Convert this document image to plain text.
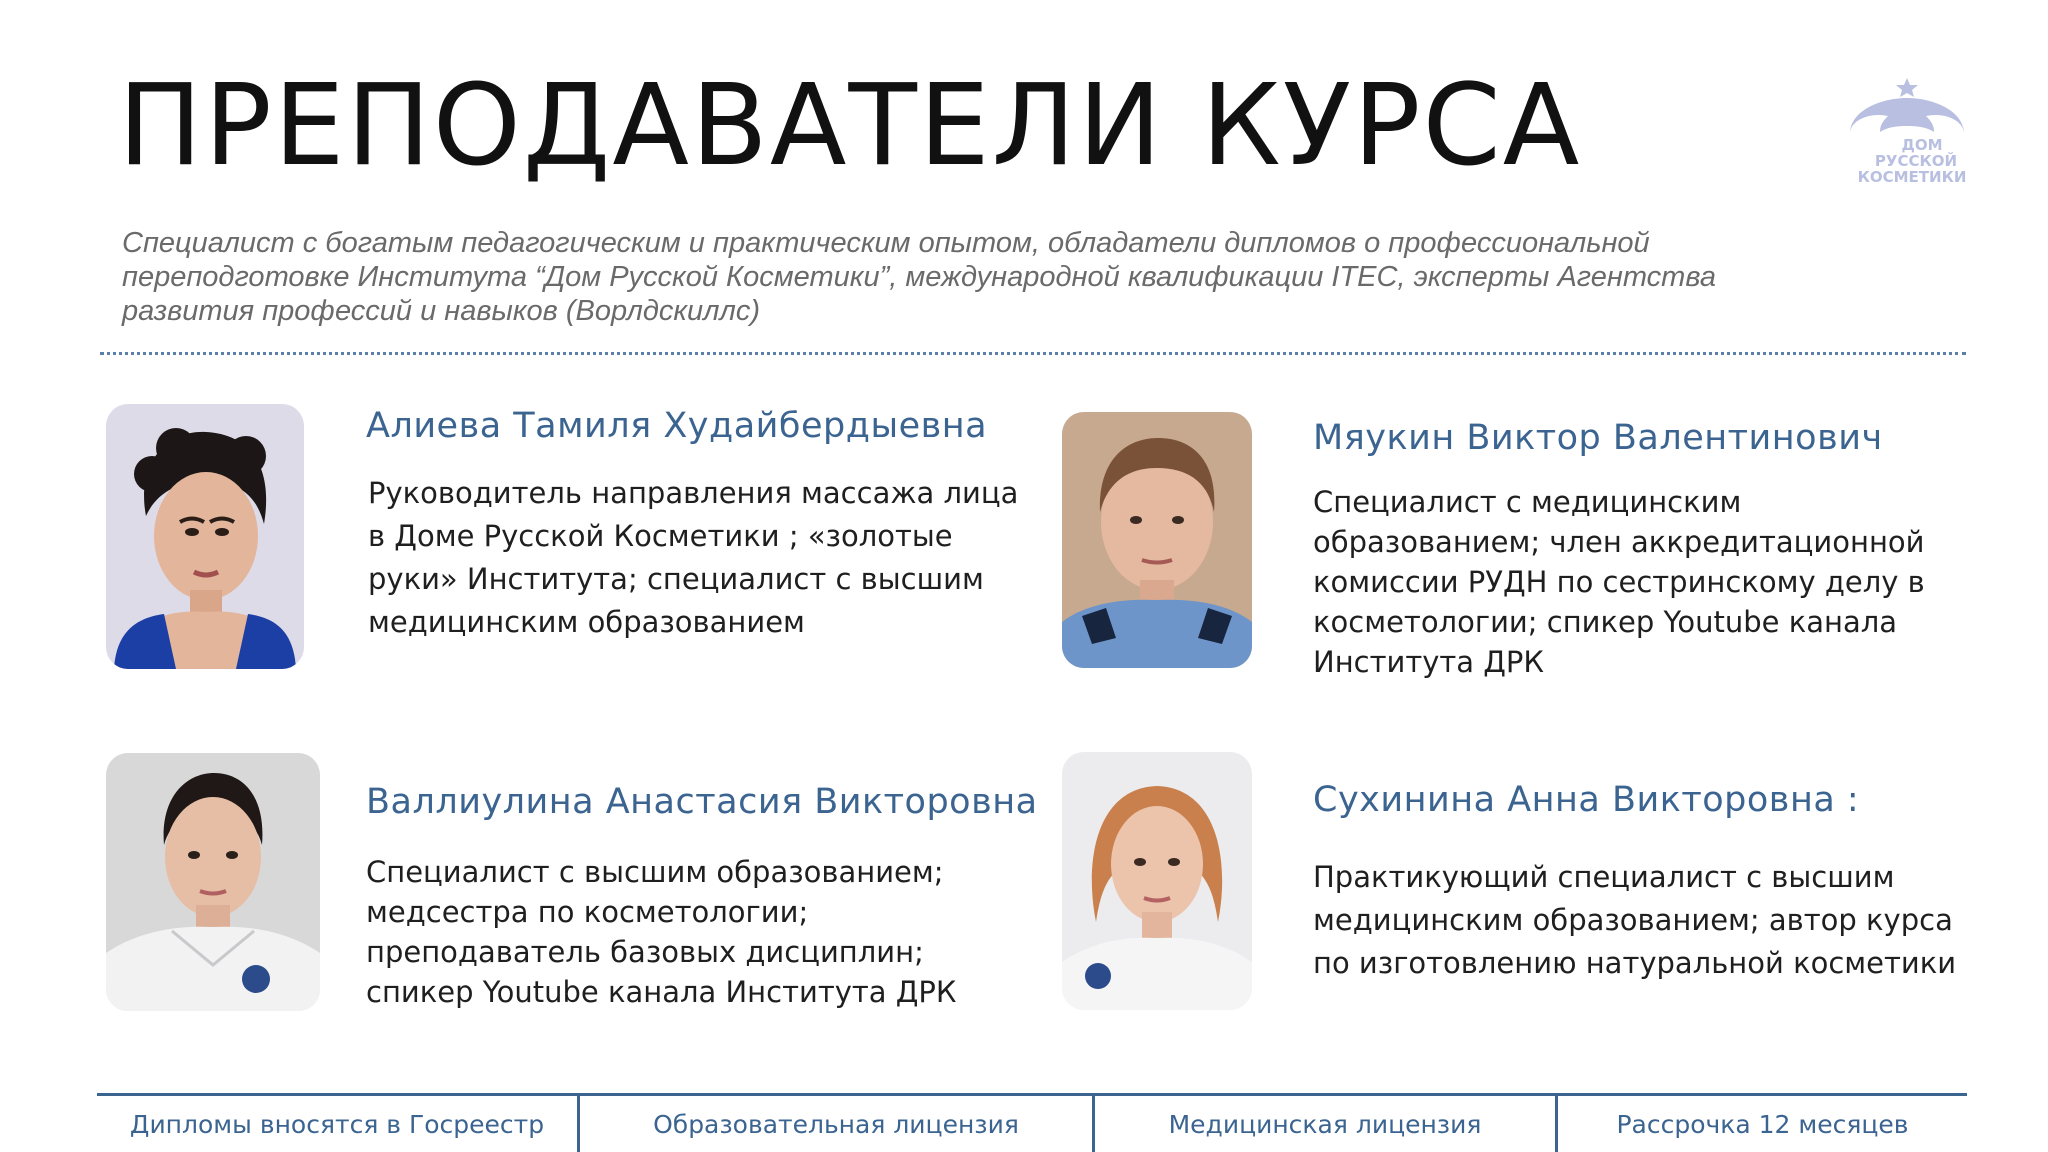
ПРЕПОДАВАТЕЛИ КУРСА	ДОМ
РУССКОЙ
КОСМЕТИКИ

Специалист с богатым педагогическим и практическим опытом, обладатели дипломов о профессиональной
переподготовке Института “Дом Русской Косметики”, международной квалификации ITEC, эксперты Агентства
развития профессий и навыков (Ворлдскиллс)

Алиева Тамиля Худайбердыевна
Руководитель направления массажа лица
в Доме Русской Косметики ; «золотые
руки» Института; специалист с высшим
медицинским образованием
Мяукин Виктор Валентинович
Специалист с медицинским
образованием; член аккредитационной
комиссии РУДН по сестринскому делу в
косметологии; спикер Youtube канала
Института ДРК
Валлиулина Анастасия Викторовна
Специалист с высшим образованием;
медсестра по косметологии;
преподаватель базовых дисциплин;
спикер Youtube канала Института ДРК
Сухинина Анна Викторовна :
Практикующий специалист с высшим
медицинским образованием; автор курса
по изготовлению натуральной косметики
Дипломы вносятся в Госреестр	Образовательная лицензия	Медицинская лицензия	Рассрочка 12 месяцев
